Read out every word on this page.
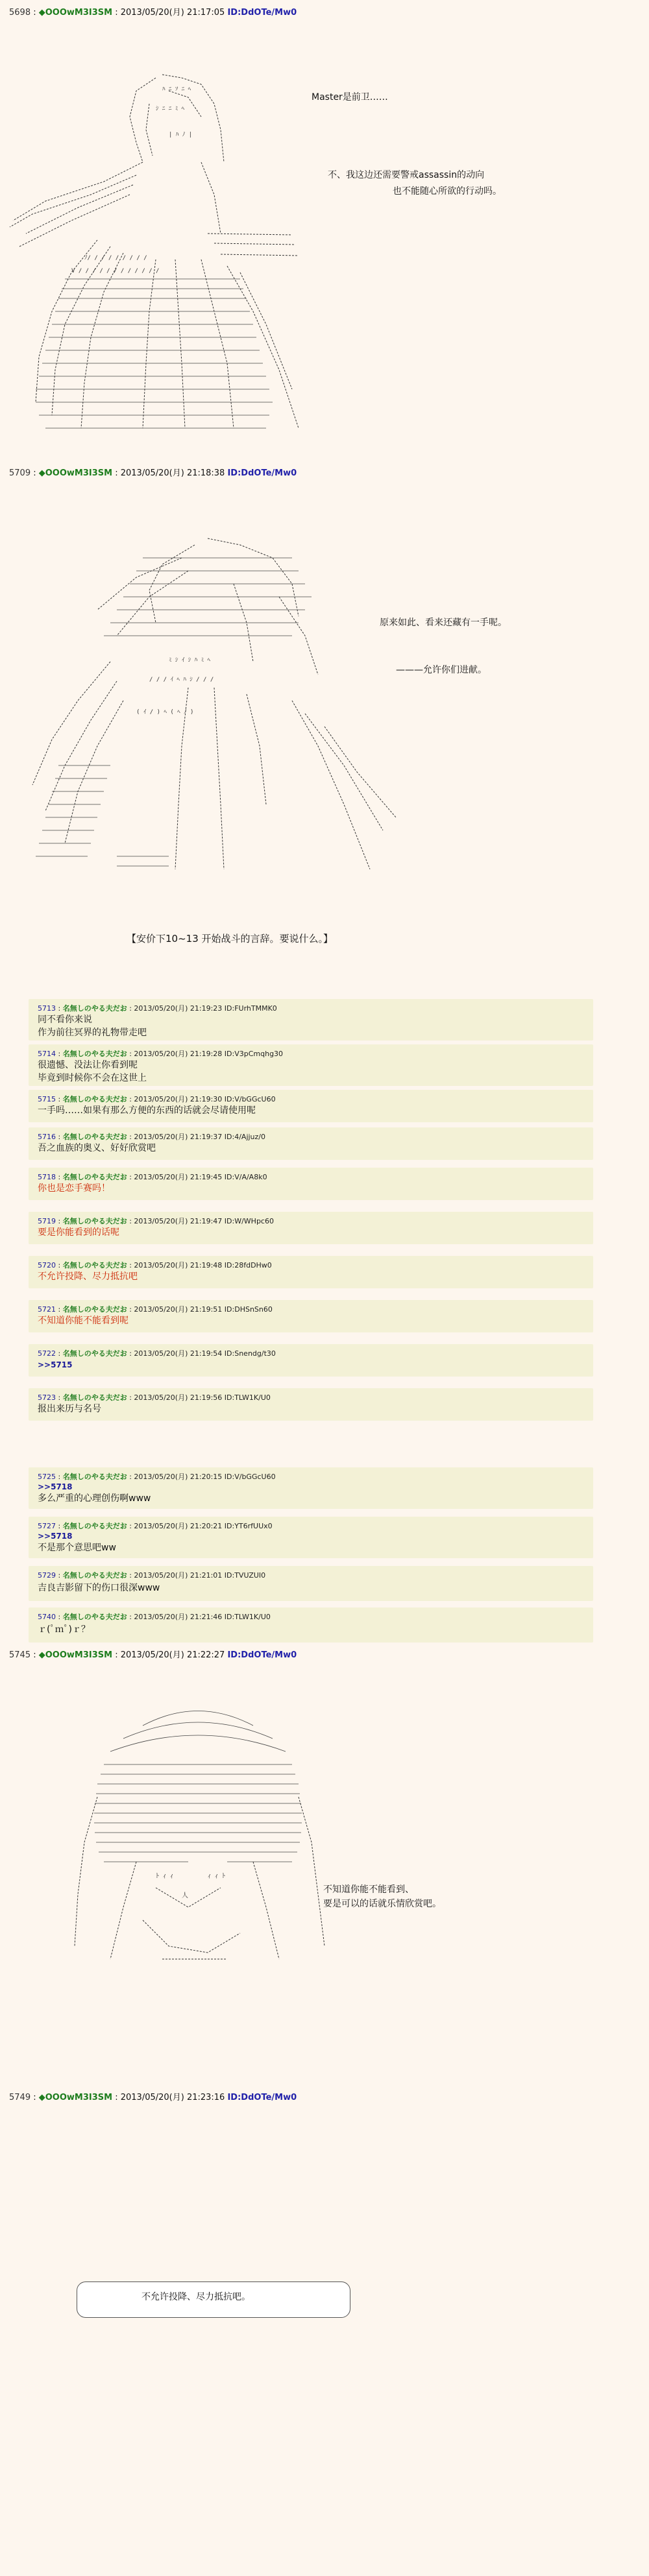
5698 : ◆OOOwM3I3SM : 2013/05/20(月) 21:17:05 ID:DdOTe/Mw0
ﾊ ﾆ ｿ ﾆ ﾍ
ｼ ﾆ ﾆ ﾐ ﾍ
| ﾊ ﾉ |
ﾉ/ / / / / / / / /
V / / / / / / / / / / / /
Master是前卫……
不、我这边还需要警戒assassin的动向
也不能随心所欲的行动吗。
5709 : ◆OOOwM3I3SM : 2013/05/20(月) 21:18:38 ID:DdOTe/Mw0
ﾐ ｼ ｲ ｼ ﾊ ﾐ ﾍ
/ / / ｲ ﾍ ﾊ ｼ / / /
( ｲ / ) ﾍ ( ﾍ ﾉ )
原来如此、看来还藏有一手呢。
———允许你们进献。
【安价下10~13 开始战斗的言辞。要说什么。】
5713 : 名無しのやる夫だお : 2013/05/20(月) 21:19:23 ID:FUrhTMMK0
同不看你来说
作为前往冥界的礼物带走吧
5714 : 名無しのやる夫だお : 2013/05/20(月) 21:19:28 ID:V3pCmqhg30
很遗憾、没法让你看到呢
毕竟到时候你不会在这世上
5715 : 名無しのやる夫だお : 2013/05/20(月) 21:19:30 ID:V/bGGcU60
一手吗……如果有那么方便的东西的话就会尽请使用呢
5716 : 名無しのやる夫だお : 2013/05/20(月) 21:19:37 ID:4/Ajjuz/0
吾之血族的奥义、好好欣赏吧
5718 : 名無しのやる夫だお : 2013/05/20(月) 21:19:45 ID:V/A/A8k0
你也是恋手赛吗！
5719 : 名無しのやる夫だお : 2013/05/20(月) 21:19:47 ID:W/WHpc60
要是你能看到的话呢
5720 : 名無しのやる夫だお : 2013/05/20(月) 21:19:48 ID:28fdDHw0
不允许投降、尽力抵抗吧
5721 : 名無しのやる夫だお : 2013/05/20(月) 21:19:51 ID:DHSnSn60
不知道你能不能看到呢
5722 : 名無しのやる夫だお : 2013/05/20(月) 21:19:54 ID:Snendg/t30
>>5715
5723 : 名無しのやる夫だお : 2013/05/20(月) 21:19:56 ID:TLW1K/U0
报出来历与名号
5725 : 名無しのやる夫だお : 2013/05/20(月) 21:20:15 ID:V/bGGcU60
>>5718
多么严重的心理创伤啊www
5727 : 名無しのやる夫だお : 2013/05/20(月) 21:20:21 ID:YT6rfUUx0
>>5718
不是那个意思吧ww
5729 : 名無しのやる夫だお : 2013/05/20(月) 21:21:01 ID:TVUZUI0
吉良吉影留下的伤口很深www
5740 : 名無しのやる夫だお : 2013/05/20(月) 21:21:46 ID:TLW1K/U0
ｒ(ﾟｍﾟ)ｒ？
5745 : ◆OOOwM3I3SM : 2013/05/20(月) 21:22:27 ID:DdOTe/Mw0
ﾄ ｨ ｨ	ｨ ｨ ﾄ
人
不知道你能不能看到、
要是可以的话就乐情欣赏吧。
5749 : ◆OOOwM3I3SM : 2013/05/20(月) 21:23:16 ID:DdOTe/Mw0
不允许投降、尽力抵抗吧。
